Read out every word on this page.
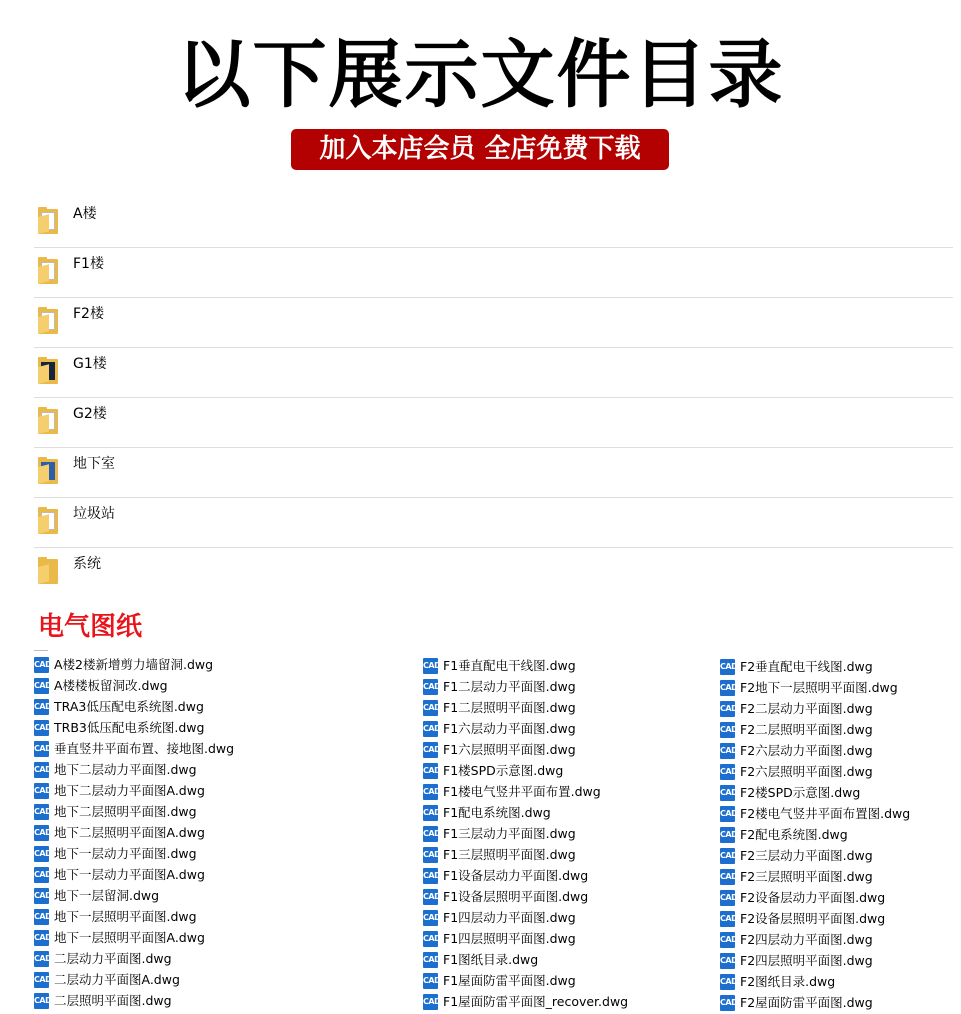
以下展示文件目录
加入本店会员 全店免费下载
A楼
F1楼
F2楼
G1楼
G2楼
地下室
垃圾站
系统
电气图纸
CAD A楼2楼新增剪力墙留洞.dwg
CAD A楼楼板留洞改.dwg
CAD TRA3低压配电系统图.dwg
CAD TRB3低压配电系统图.dwg
CAD 垂直竖井平面布置、接地图.dwg
CAD 地下二层动力平面图.dwg
CAD 地下二层动力平面图A.dwg
CAD 地下二层照明平面图.dwg
CAD 地下二层照明平面图A.dwg
CAD 地下一层动力平面图.dwg
CAD 地下一层动力平面图A.dwg
CAD 地下一层留洞.dwg
CAD 地下一层照明平面图.dwg
CAD 地下一层照明平面图A.dwg
CAD 二层动力平面图.dwg
CAD 二层动力平面图A.dwg
CAD 二层照明平面图.dwg
CAD F1垂直配电干线图.dwg
CAD F1二层动力平面图.dwg
CAD F1二层照明平面图.dwg
CAD F1六层动力平面图.dwg
CAD F1六层照明平面图.dwg
CAD F1楼SPD示意图.dwg
CAD F1楼电气竖井平面布置.dwg
CAD F1配电系统图.dwg
CAD F1三层动力平面图.dwg
CAD F1三层照明平面图.dwg
CAD F1设备层动力平面图.dwg
CAD F1设备层照明平面图.dwg
CAD F1四层动力平面图.dwg
CAD F1四层照明平面图.dwg
CAD F1图纸目录.dwg
CAD F1屋面防雷平面图.dwg
CAD F1屋面防雷平面图_recover.dwg
CAD F2垂直配电干线图.dwg
CAD F2地下一层照明平面图.dwg
CAD F2二层动力平面图.dwg
CAD F2二层照明平面图.dwg
CAD F2六层动力平面图.dwg
CAD F2六层照明平面图.dwg
CAD F2楼SPD示意图.dwg
CAD F2楼电气竖井平面布置图.dwg
CAD F2配电系统图.dwg
CAD F2三层动力平面图.dwg
CAD F2三层照明平面图.dwg
CAD F2设备层动力平面图.dwg
CAD F2设备层照明平面图.dwg
CAD F2四层动力平面图.dwg
CAD F2四层照明平面图.dwg
CAD F2图纸目录.dwg
CAD F2屋面防雷平面图.dwg
